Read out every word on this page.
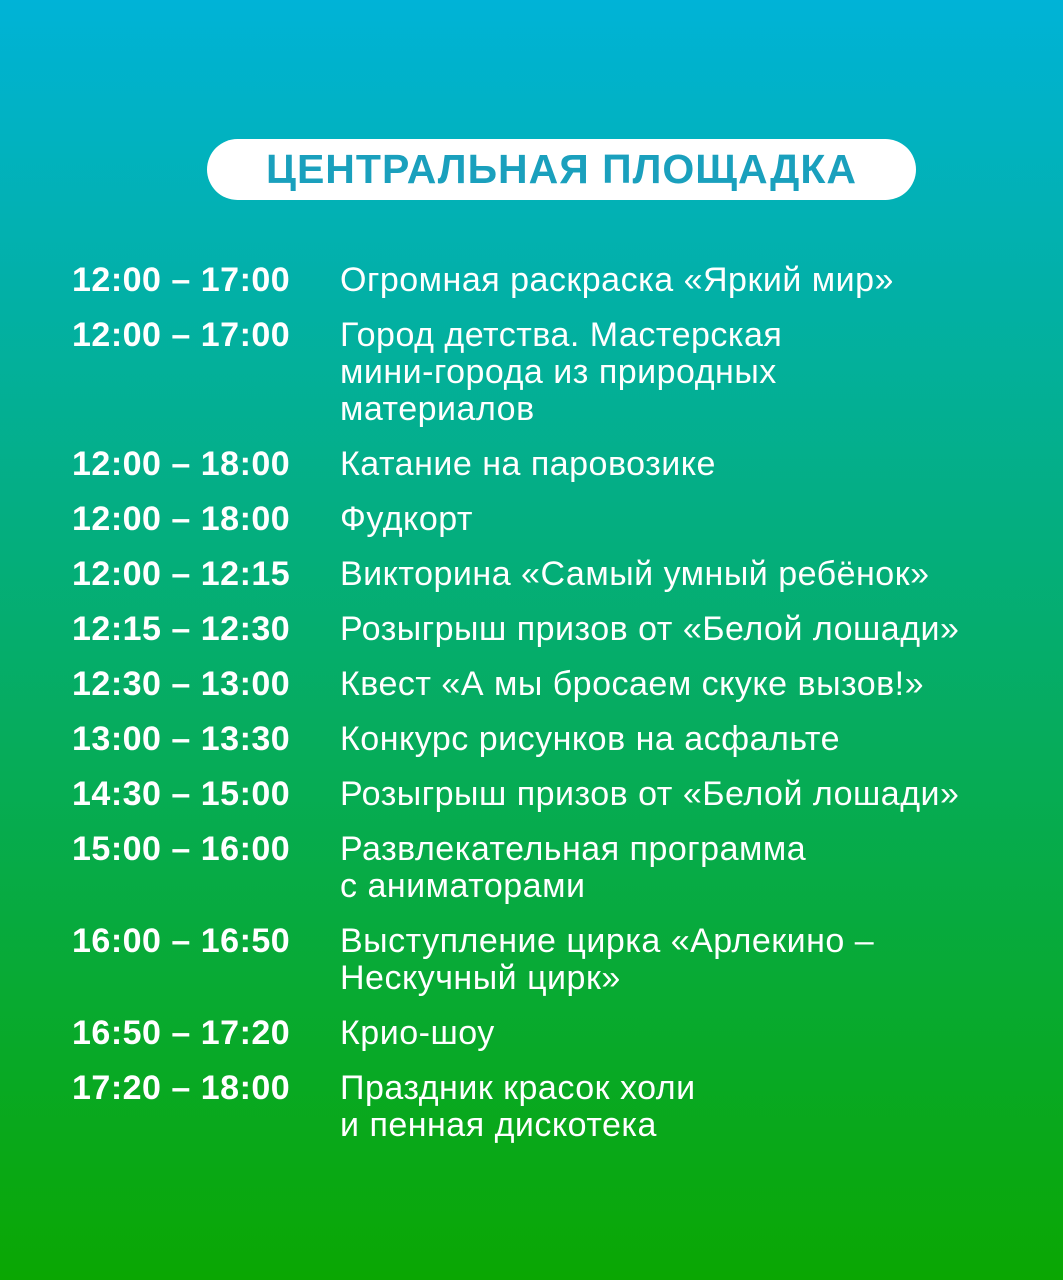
ЦЕНТРАЛЬНАЯ ПЛОЩАДКА
12:00 – 17:00	Огромная раскраска «Яркий мир»
12:00 – 17:00	Город детства. Мастерская
мини-города из природных
материалов
12:00 – 18:00	Катание на паровозике
12:00 – 18:00	Фудкорт
12:00 – 12:15	Викторина «Самый умный ребёнок»
12:15 – 12:30	Розыгрыш призов от «Белой лошади»
12:30 – 13:00	Квест «А мы бросаем скуке вызов!»
13:00 – 13:30	Конкурс рисунков на асфальте
14:30 – 15:00	Розыгрыш призов от «Белой лошади»
15:00 – 16:00	Развлекательная программа
с аниматорами
16:00 – 16:50	Выступление цирка «Арлекино –
Нескучный цирк»
16:50 – 17:20	Крио-шоу
17:20 – 18:00	Праздник красок холи
и пенная дискотека
